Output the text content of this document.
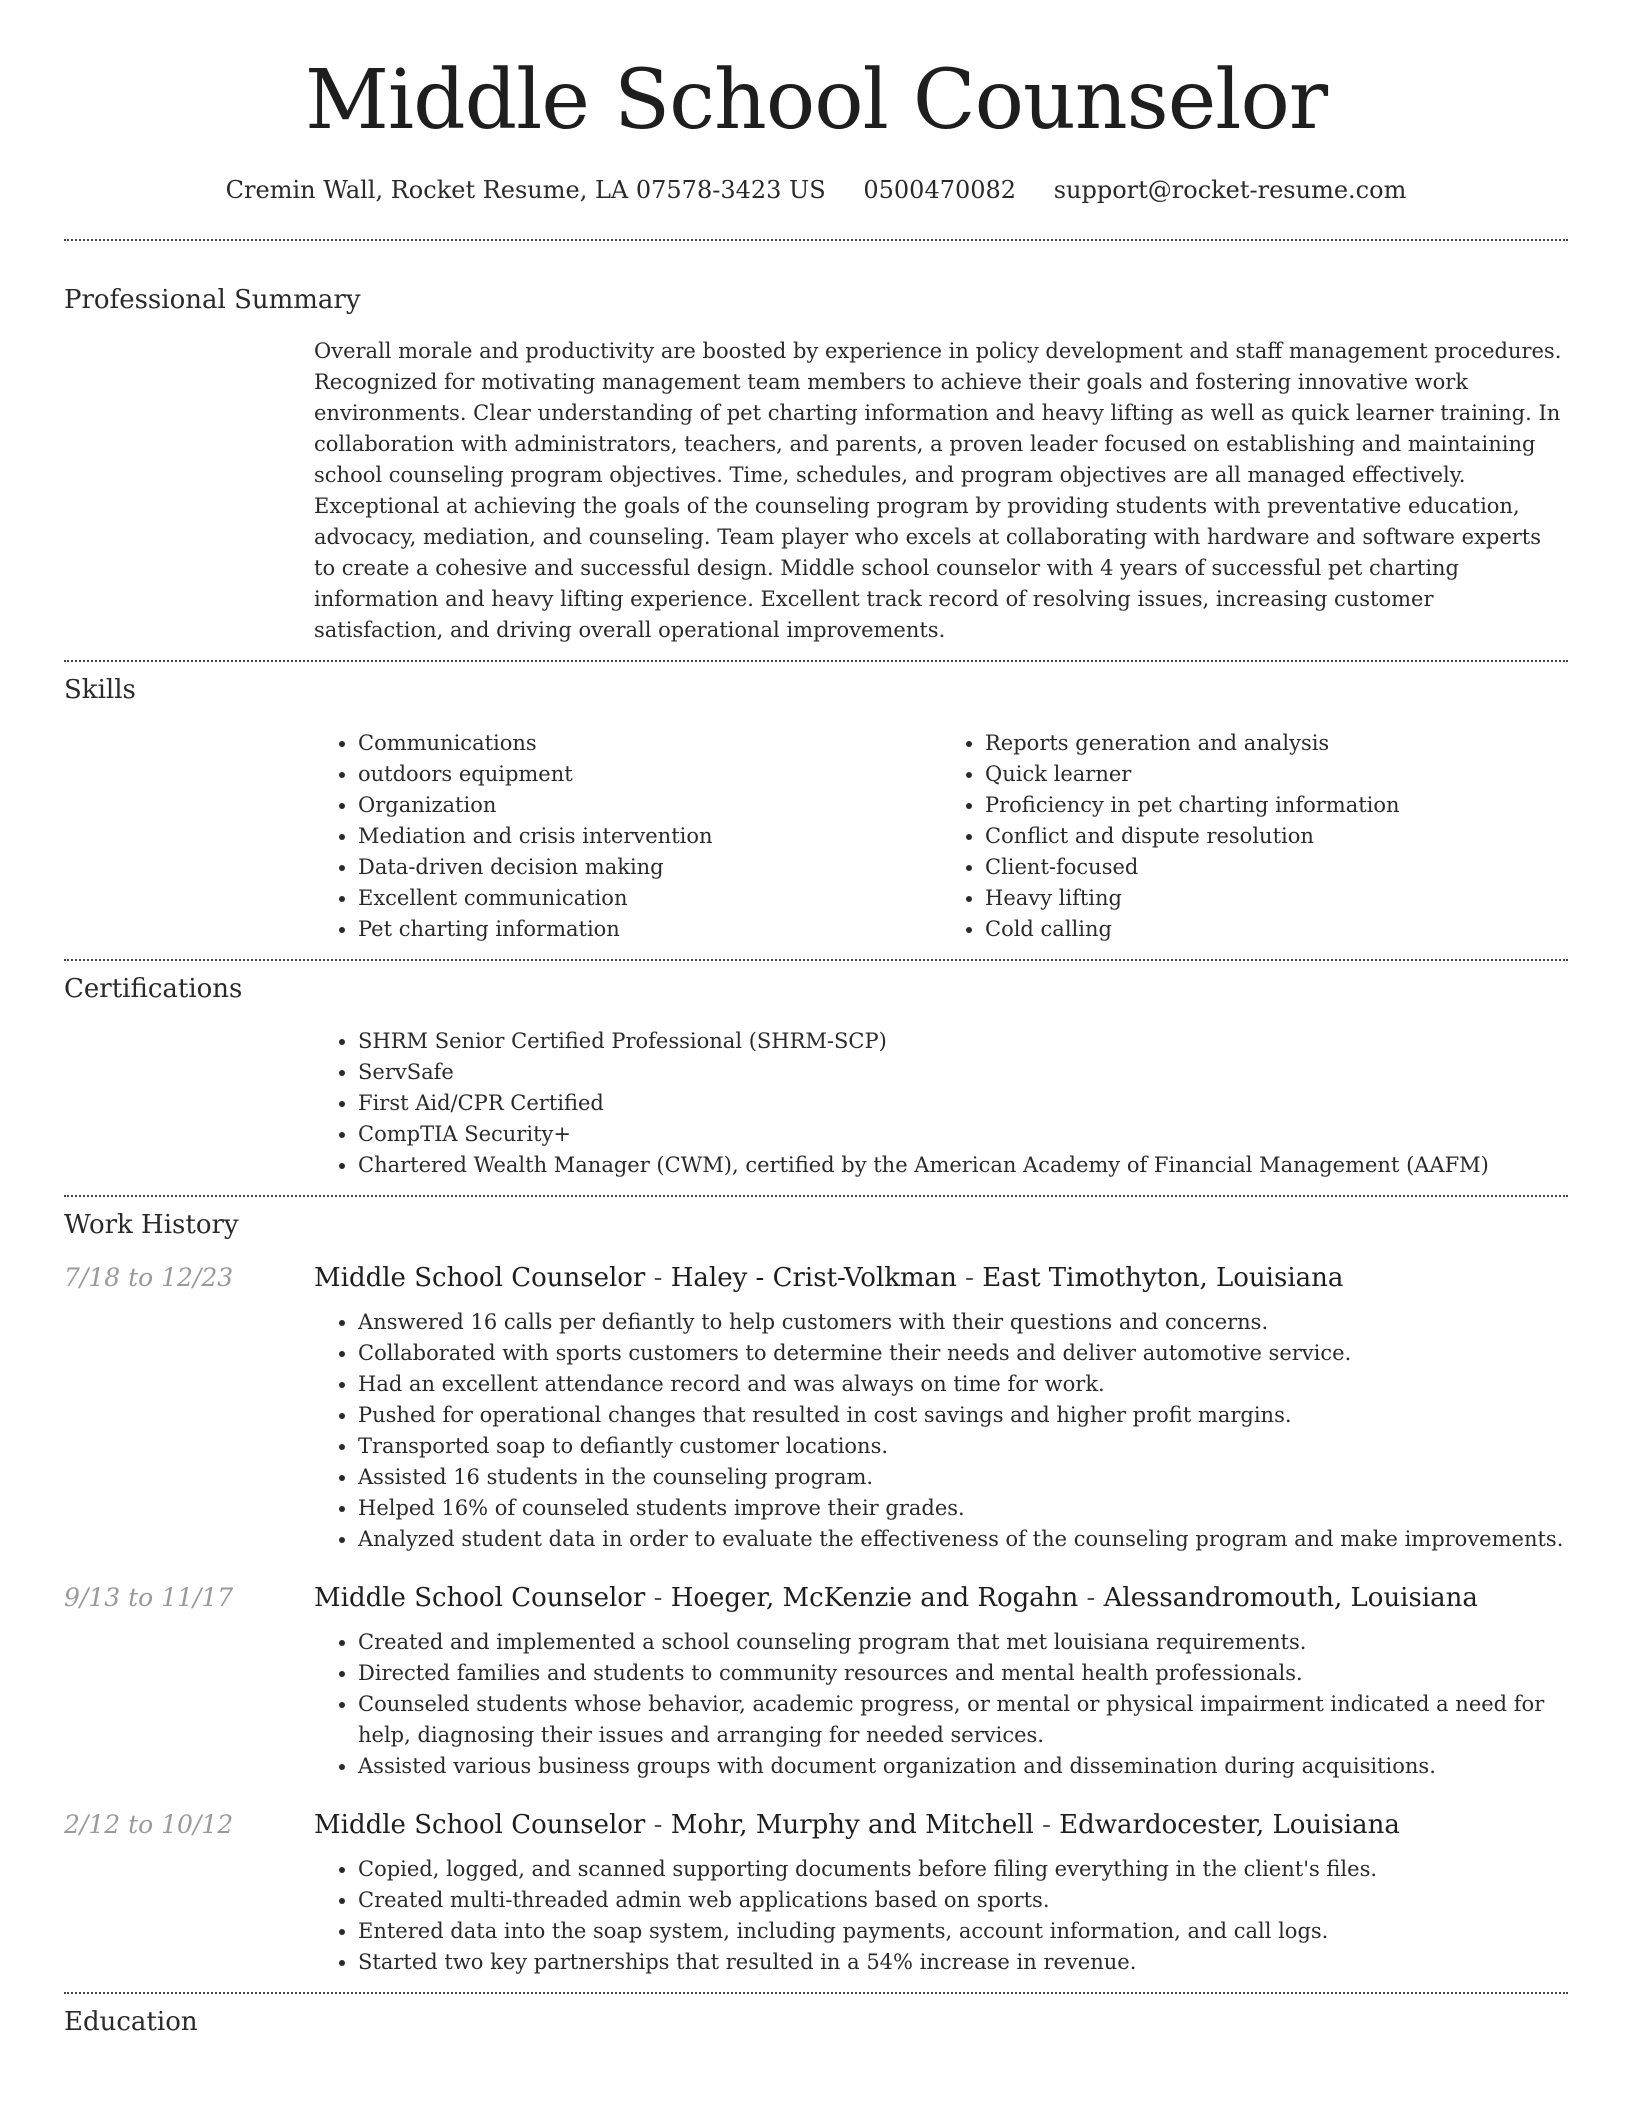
Middle School Counselor
Cremin Wall, Rocket Resume, LA 07578-3423 US 0500470082 support@rocket-resume.com
Professional Summary
Overall morale and productivity are boosted by experience in policy development and staff management procedures. Recognized for motivating management team members to achieve their goals and fostering innovative work environments. Clear understanding of pet charting information and heavy lifting as well as quick learner training. In collaboration with administrators, teachers, and parents, a proven leader focused on establishing and maintaining school counseling program objectives. Time, schedules, and program objectives are all managed effectively. Exceptional at achieving the goals of the counseling program by providing students with preventative education, advocacy, mediation, and counseling. Team player who excels at collaborating with hardware and software experts to create a cohesive and successful design. Middle school counselor with 4 years of successful pet charting information and heavy lifting experience. Excellent track record of resolving issues, increasing customer satisfaction, and driving overall operational improvements.
Skills
• Communications
• outdoors equipment
• Organization
• Mediation and crisis intervention
• Data-driven decision making
• Excellent communication
• Pet charting information
• Reports generation and analysis
• Quick learner
• Proficiency in pet charting information
• Conflict and dispute resolution
• Client-focused
• Heavy lifting
• Cold calling
Certifications
• SHRM Senior Certified Professional (SHRM-SCP)
• ServSafe
• First Aid/CPR Certified
• CompTIA Security+
• Chartered Wealth Manager (CWM), certified by the American Academy of Financial Management (AAFM)
Work History
7/18 to 12/23	Middle School Counselor - Haley - Crist-Volkman - East Timothyton, Louisiana
• Answered 16 calls per defiantly to help customers with their questions and concerns.
• Collaborated with sports customers to determine their needs and deliver automotive service.
• Had an excellent attendance record and was always on time for work.
• Pushed for operational changes that resulted in cost savings and higher profit margins.
• Transported soap to defiantly customer locations.
• Assisted 16 students in the counseling program.
• Helped 16% of counseled students improve their grades.
• Analyzed student data in order to evaluate the effectiveness of the counseling program and make improvements.
9/13 to 11/17	Middle School Counselor - Hoeger, McKenzie and Rogahn - Alessandromouth, Louisiana
• Created and implemented a school counseling program that met louisiana requirements.
• Directed families and students to community resources and mental health professionals.
• Counseled students whose behavior, academic progress, or mental or physical impairment indicated a need for help, diagnosing their issues and arranging for needed services.
• Assisted various business groups with document organization and dissemination during acquisitions.
2/12 to 10/12	Middle School Counselor - Mohr, Murphy and Mitchell - Edwardocester, Louisiana
• Copied, logged, and scanned supporting documents before filing everything in the client's files.
• Created multi-threaded admin web applications based on sports.
• Entered data into the soap system, including payments, account information, and call logs.
• Started two key partnerships that resulted in a 54% increase in revenue.
Education
